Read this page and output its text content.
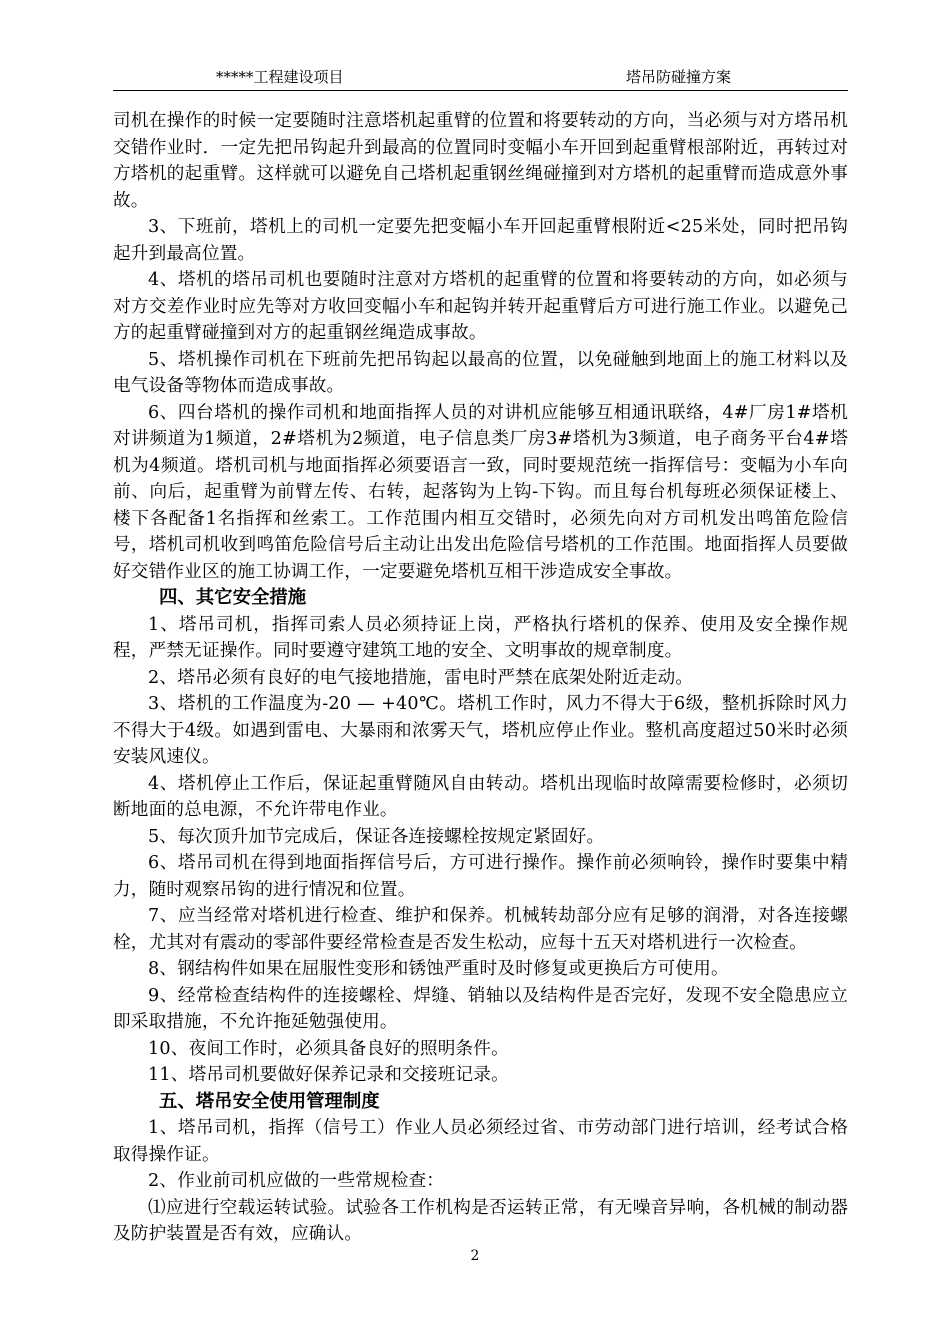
*****工程建设项目	塔吊防碰撞方案

司机在操作的时候一定要随时注意塔机起重臂的位置和将要转动的方向，当必须与对方塔吊机交错作业时．一定先把吊钩起升到最高的位置同时变幅小车开回到起重臂根部附近，再转过对方塔机的起重臂。这样就可以避免自己塔机起重钢丝绳碰撞到对方塔机的起重臂而造成意外事故。

3、下班前，塔机上的司机一定要先把变幅小车开回起重臂根附近<25米处，同时把吊钩起升到最高位置。

4、塔机的塔吊司机也要随时注意对方塔机的起重臂的位置和将要转动的方向，如必须与对方交差作业时应先等对方收回变幅小车和起钩并转开起重臂后方可进行施工作业。以避免己方的起重臂碰撞到对方的起重钢丝绳造成事故。

5、塔机操作司机在下班前先把吊钩起以最高的位置，以免碰触到地面上的施工材料以及电气设备等物体而造成事故。

6、四台塔机的操作司机和地面指挥人员的对讲机应能够互相通讯联络，4#厂房1#塔机对讲频道为1频道，2#塔机为2频道，电子信息类厂房3#塔机为3频道，电子商务平台4#塔机为4频道。塔机司机与地面指挥必须要语言一致，同时要规范统一指挥信号：变幅为小车向前、向后，起重臂为前臂左传、右转，起落钩为上钩-下钩。而且每台机每班必须保证楼上、楼下各配备1名指挥和丝索工。工作范围内相互交错时，必须先向对方司机发出鸣笛危险信号，塔机司机收到鸣笛危险信号后主动让出发出危险信号塔机的工作范围。地面指挥人员要做好交错作业区的施工协调工作，一定要避免塔机互相干涉造成安全事故。

四、其它安全措施

1、塔吊司机，指挥司索人员必须持证上岗，严格执行塔机的保养、使用及安全操作规程，严禁无证操作。同时要遵守建筑工地的安全、文明事故的规章制度。

2、塔吊必须有良好的电气接地措施，雷电时严禁在底架处附近走动。

3、塔机的工作温度为-20 — +40℃。塔机工作时，风力不得大于6级，整机拆除时风力不得大于4级。如遇到雷电、大暴雨和浓雾天气，塔机应停止作业。整机高度超过50米时必须安装风速仪。

4、塔机停止工作后，保证起重臂随风自由转动。塔机出现临时故障需要检修时，必须切断地面的总电源，不允许带电作业。

5、每次顶升加节完成后，保证各连接螺栓按规定紧固好。

6、塔吊司机在得到地面指挥信号后，方可进行操作。操作前必须响铃，操作时要集中精力，随时观察吊钩的进行情况和位置。

7、应当经常对塔机进行检查、维护和保养。机械转劫部分应有足够的润滑，对各连接螺栓，尤其对有震动的零部件要经常检查是否发生松动，应每十五天对塔机进行一次检查。

8、钢结构件如果在屈服性变形和锈蚀严重时及时修复或更换后方可使用。

9、经常检查结构件的连接螺栓、焊缝、销轴以及结构件是否完好，发现不安全隐患应立即采取措施，不允许拖延勉强使用。

10、夜间工作时，必须具备良好的照明条件。

11、塔吊司机要做好保养记录和交接班记录。

五、塔吊安全使用管理制度

1、塔吊司机，指挥（信号工）作业人员必须经过省、市劳动部门进行培训，经考试合格取得操作证。

2、作业前司机应做的一些常规检查：

⑴应进行空载运转试验。试验各工作机构是否运转正常，有无噪音异响，各机械的制动器及防护装置是否有效，应确认。

2
